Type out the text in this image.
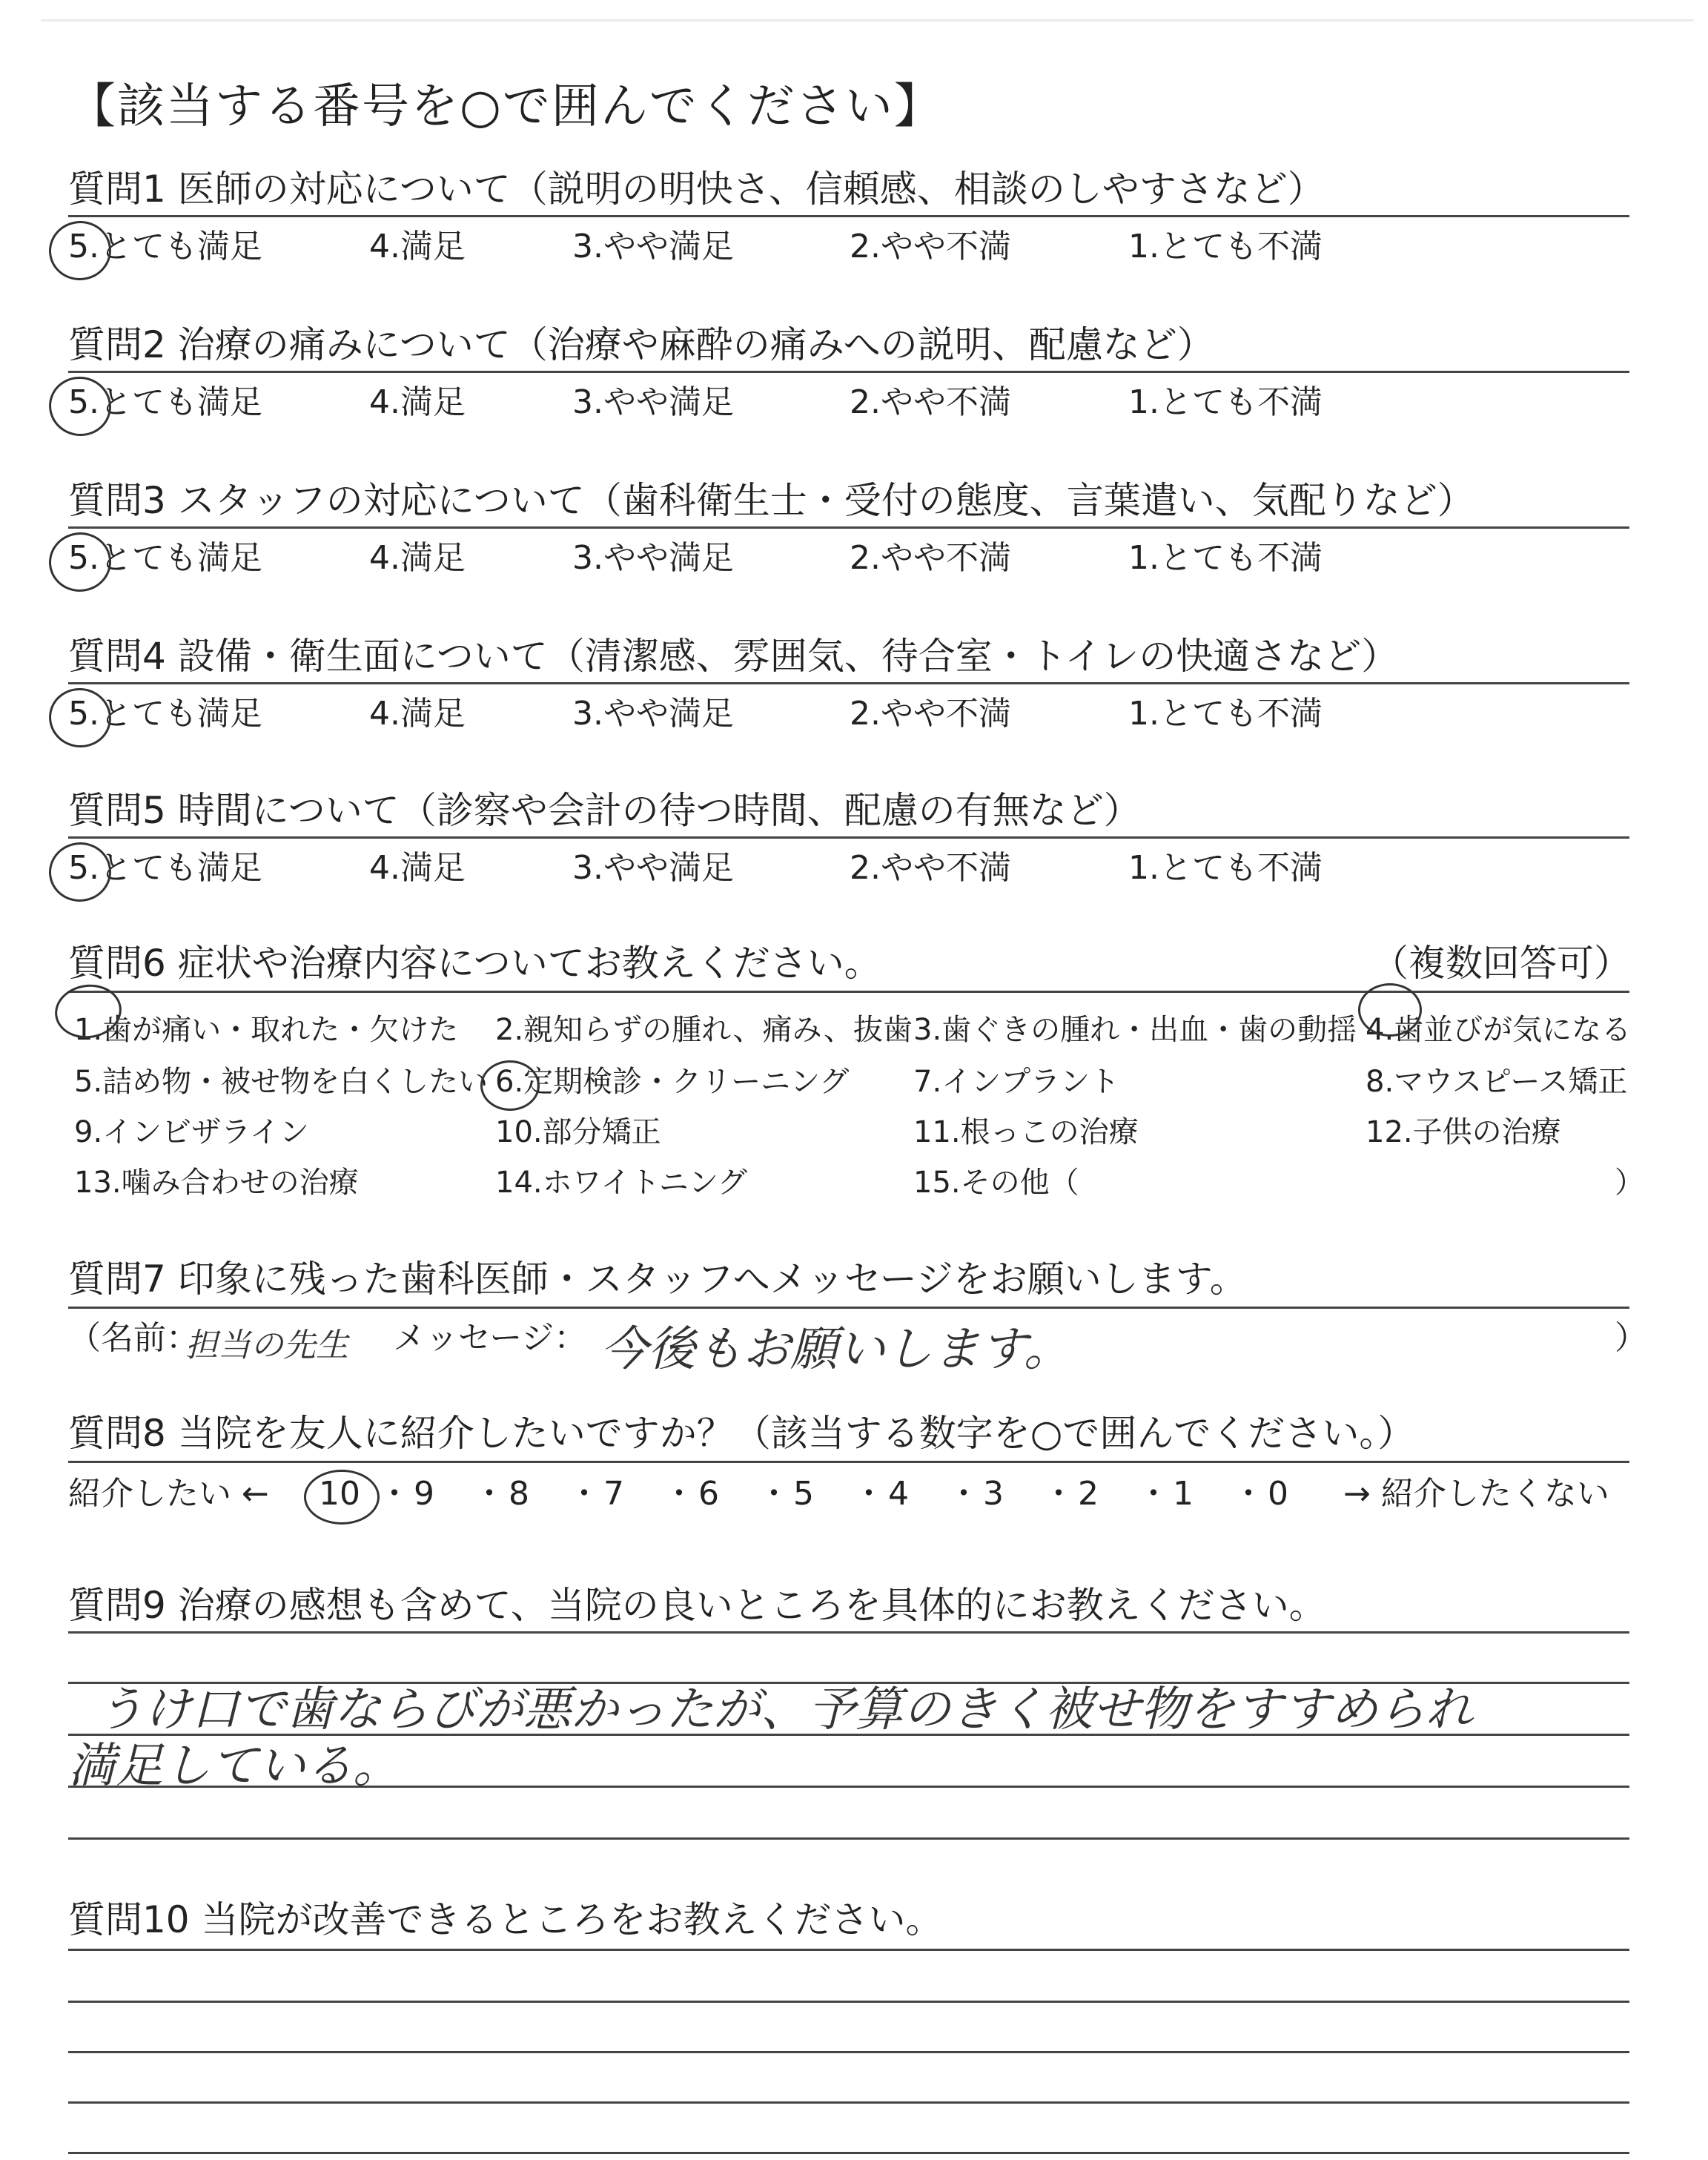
【該当する番号を○で囲んでください】
質問1 医師の対応について（説明の明快さ、信頼感、相談のしやすさなど）
5.とても満足	4.満足	3.やや満足	2.やや不満	1.とても不満
質問2 治療の痛みについて（治療や麻酔の痛みへの説明、配慮など）
5.とても満足	4.満足	3.やや満足	2.やや不満	1.とても不満
質問3 スタッフの対応について（歯科衛生士・受付の態度、言葉遣い、気配りなど）
5.とても満足	4.満足	3.やや満足	2.やや不満	1.とても不満
質問4 設備・衛生面について（清潔感、雰囲気、待合室・トイレの快適さなど）
5.とても満足	4.満足	3.やや満足	2.やや不満	1.とても不満
質問5 時間について（診察や会計の待つ時間、配慮の有無など）
5.とても満足	4.満足	3.やや満足	2.やや不満	1.とても不満
質問6 症状や治療内容についてお教えください。	（複数回答可）
1.歯が痛い・取れた・欠けた 2.親知らずの腫れ、痛み、抜歯 3.歯ぐきの腫れ・出血・歯の動揺 4.歯並びが気になる
5.詰め物・被せ物を白くしたい 6.定期検診・クリーニング 7.インプラント	8.マウスピース矯正
9.インビザライン	10.部分矯正	11.根っこの治療	12.子供の治療
13.噛み合わせの治療	14.ホワイトニング	15.その他（	）
質問7 印象に残った歯科医師・スタッフへメッセージをお願いします。
（名前：
担当の先生 メッセージ： 今後もお願いします。	）
質問8 当院を友人に紹介したいですか？（該当する数字を○で囲んでください。）
紹介したい ← 10 ・ 9 ・ 8 ・ 7 ・ 6 ・ 5 ・ 4 ・ 3 ・ 2 ・ 1 ・ 0 → 紹介したくない
質問9 治療の感想も含めて、当院の良いところを具体的にお教えください。
うけ口で歯ならびが悪かったが、予算のきく被せ物をすすめられ
満足している。
質問10 当院が改善できるところをお教えください。
